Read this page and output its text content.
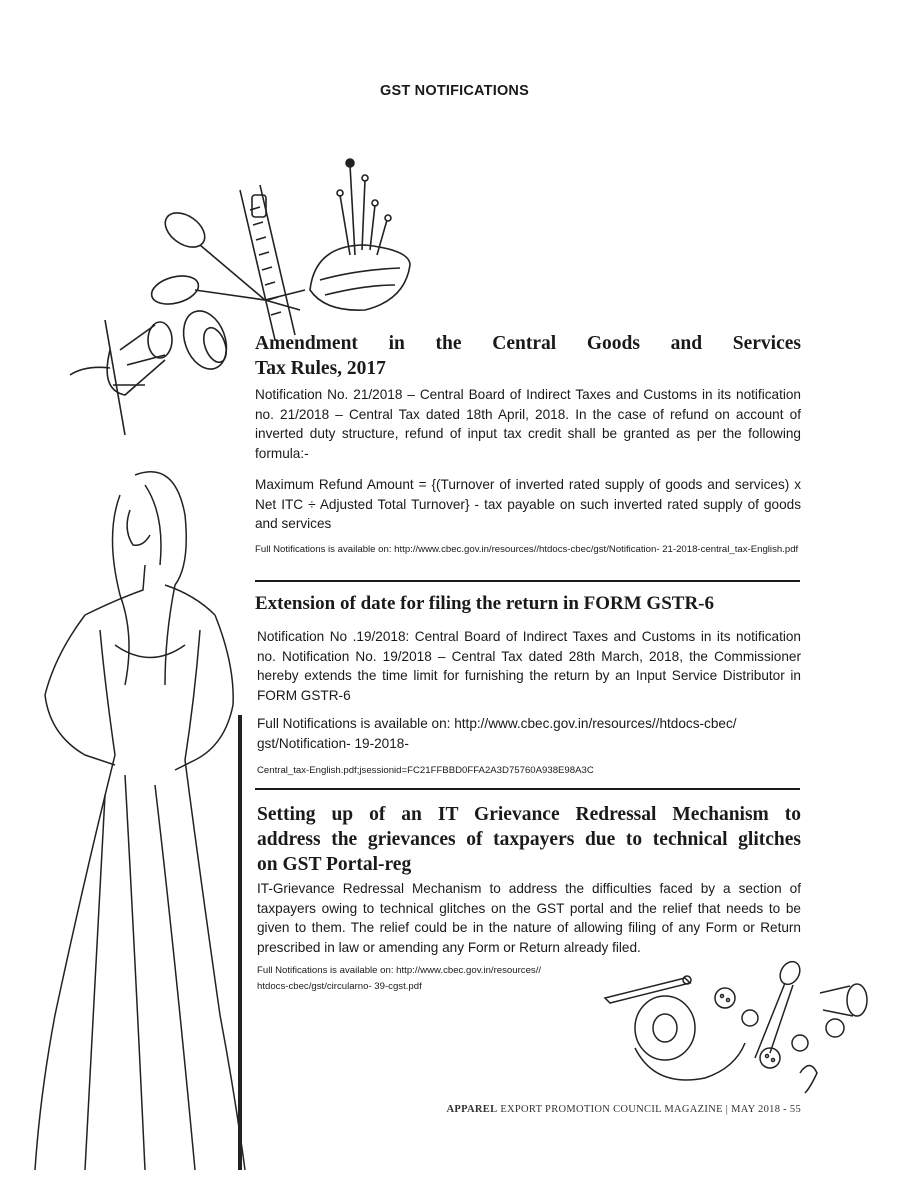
GST NOTIFICATIONS
Amendment in the Central Goods and Services
Tax Rules, 2017

Notification No. 21/2018 – Central Board of Indirect Taxes and Customs in its notification no. 21/2018 – Central Tax dated 18th April, 2018. In the case of refund on account of inverted duty structure, refund of input tax credit shall be granted as per the following formula:-

Maximum Refund Amount = {(Turnover of inverted rated supply of goods and services) x Net ITC ÷ Adjusted Total Turnover} - tax payable on such inverted rated supply of goods and services

Full Notifications is available on: http://www.cbec.gov.in/resources//htdocs-cbec/gst/Notification- 21-2018-central_tax-English.pdf

Extension of date for filing the return in FORM GSTR-6

Notification No .19/2018: Central Board of Indirect Taxes and Customs in its notification no. Notification No. 19/2018 – Central Tax dated 28th March, 2018, the Commissioner hereby extends the time limit for furnishing the return by an Input Service Distributor in FORM GSTR-6

Full Notifications is available on: http://www.cbec.gov.in/resources//htdocs-cbec/
gst/Notification- 19-2018-
Central_tax-English.pdf;jsessionid=FC21FFBBD0FFA2A3D75760A938E98A3C
Setting up of an IT Grievance Redressal Mechanism to
address the grievances of taxpayers due to technical glitches
on GST Portal-reg

IT-Grievance Redressal Mechanism to address the difficulties faced by a section of taxpayers owing to technical glitches on the GST portal and the relief that needs to be given to them. The relief could be in the nature of allowing filing of any Form or Return prescribed in law or amending any Form or Return already filed.

Full Notifications is available on: http://www.cbec.gov.in/resources//
htdocs-cbec/gst/circularno- 39-cgst.pdf
APPAREL EXPORT PROMOTION COUNCIL MAGAZINE | MAY 2018 - 55
